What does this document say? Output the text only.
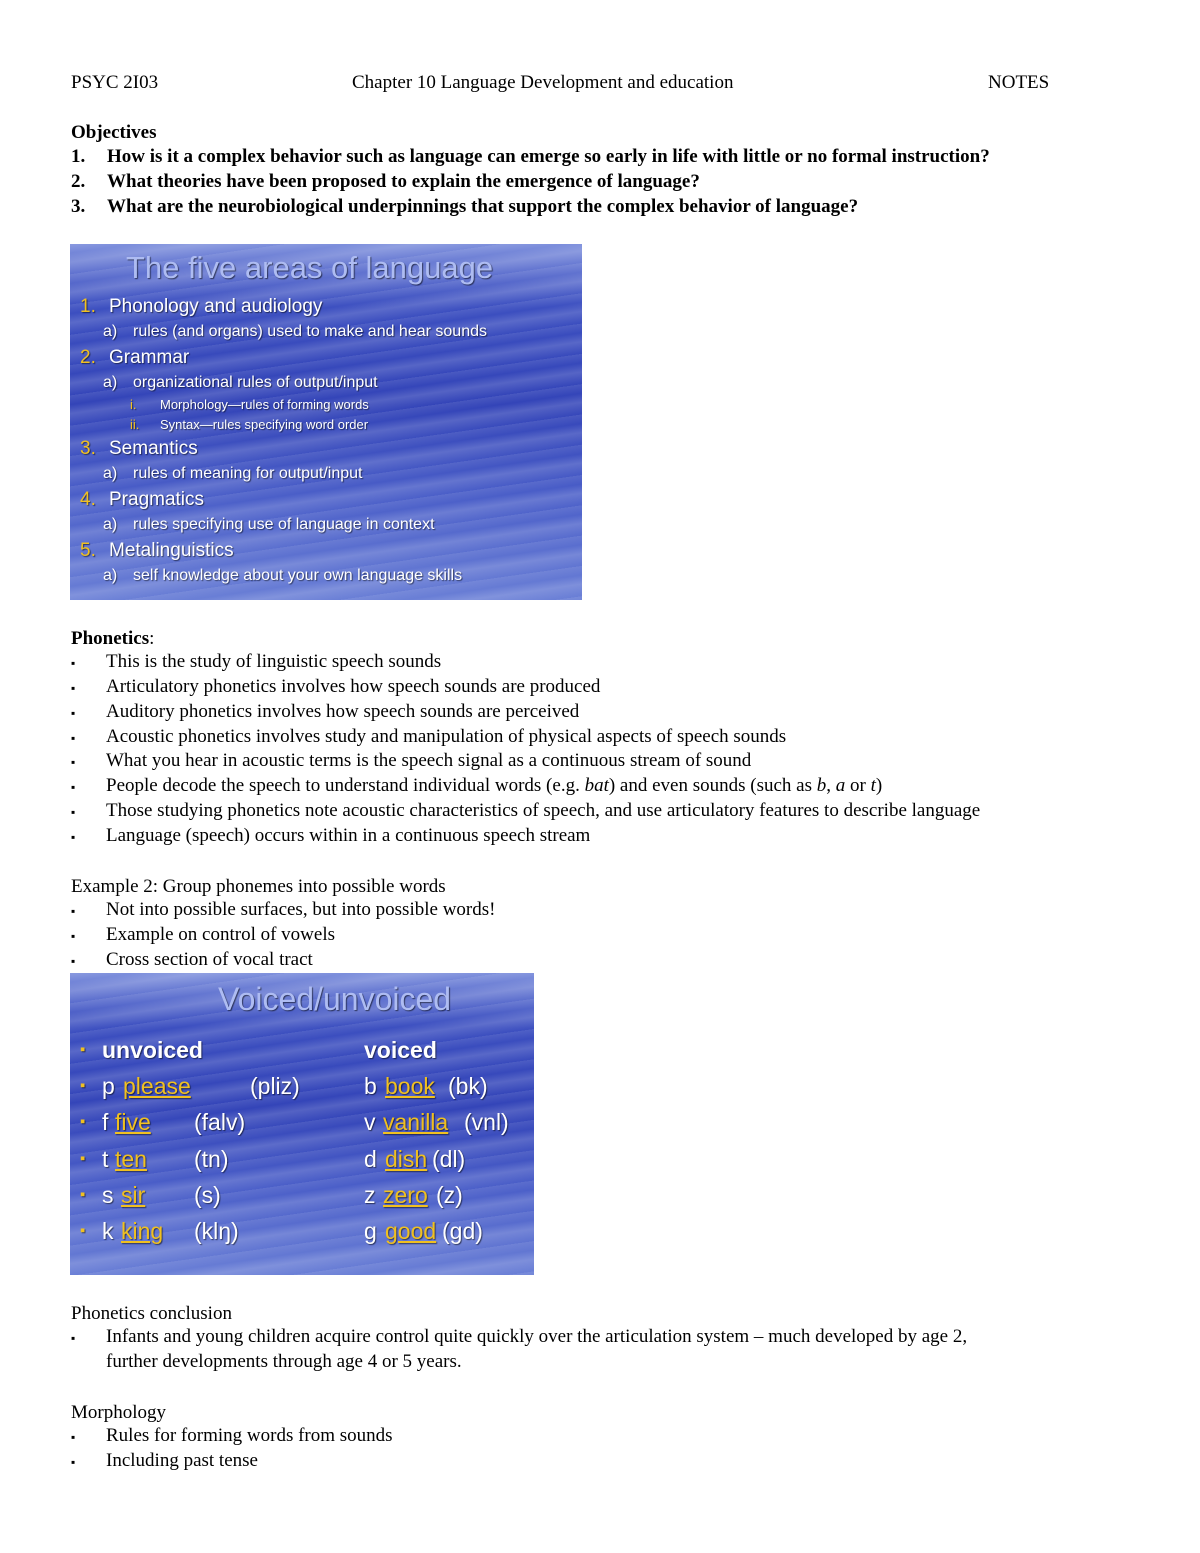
PSYC 2I03	Chapter 10 Language Development and education	NOTES
Objectives
1. How is it a complex behavior such as language can emerge so early in life with little or no formal instruction?
2. What theories have been proposed to explain the emergence of language?
3. What are the neurobiological underpinnings that support the complex behavior of language?
The five areas of language
1. Phonology and audiology
a) rules (and organs) used to make and hear sounds
2. Grammar
a) organizational rules of output/input
i. Morphology—rules of forming words
ii. Syntax—rules specifying word order
3. Semantics
a) rules of meaning for output/input
4. Pragmatics
a) rules specifying use of language in context
5. Metalinguistics
a) self knowledge about your own language skills
Phonetics:
▪ This is the study of linguistic speech sounds
▪ Articulatory phonetics involves how speech sounds are produced
▪ Auditory phonetics involves how speech sounds are perceived
▪ Acoustic phonetics involves study and manipulation of physical aspects of speech sounds
▪ What you hear in acoustic terms is the speech signal as a continuous stream of sound
▪ People decode the speech to understand individual words (e.g. bat) and even sounds (such as b, a or t)
▪ Those studying phonetics note acoustic characteristics of speech, and use articulatory features to describe language
▪ Language (speech) occurs within in a continuous speech stream
Example 2: Group phonemes into possible words
▪ Not into possible surfaces, but into possible words!
▪ Example on control of vowels
▪ Cross section of vocal tract
Voiced/unvoiced
▪ unvoiced	voiced
▪ p please	(pliz)	b book (bk)
▪ f five (falv)	v vanilla (vnl)
▪ t ten (tn)	d dish (dl)
▪ s sir (s)	z zero (z)
▪ k king (klŋ)	g good (gd)
Phonetics conclusion
▪ Infants and young children acquire control quite quickly over the articulation system – much developed by age 2,
further developments through age 4 or 5 years.
Morphology
▪ Rules for forming words from sounds
▪ Including past tense
